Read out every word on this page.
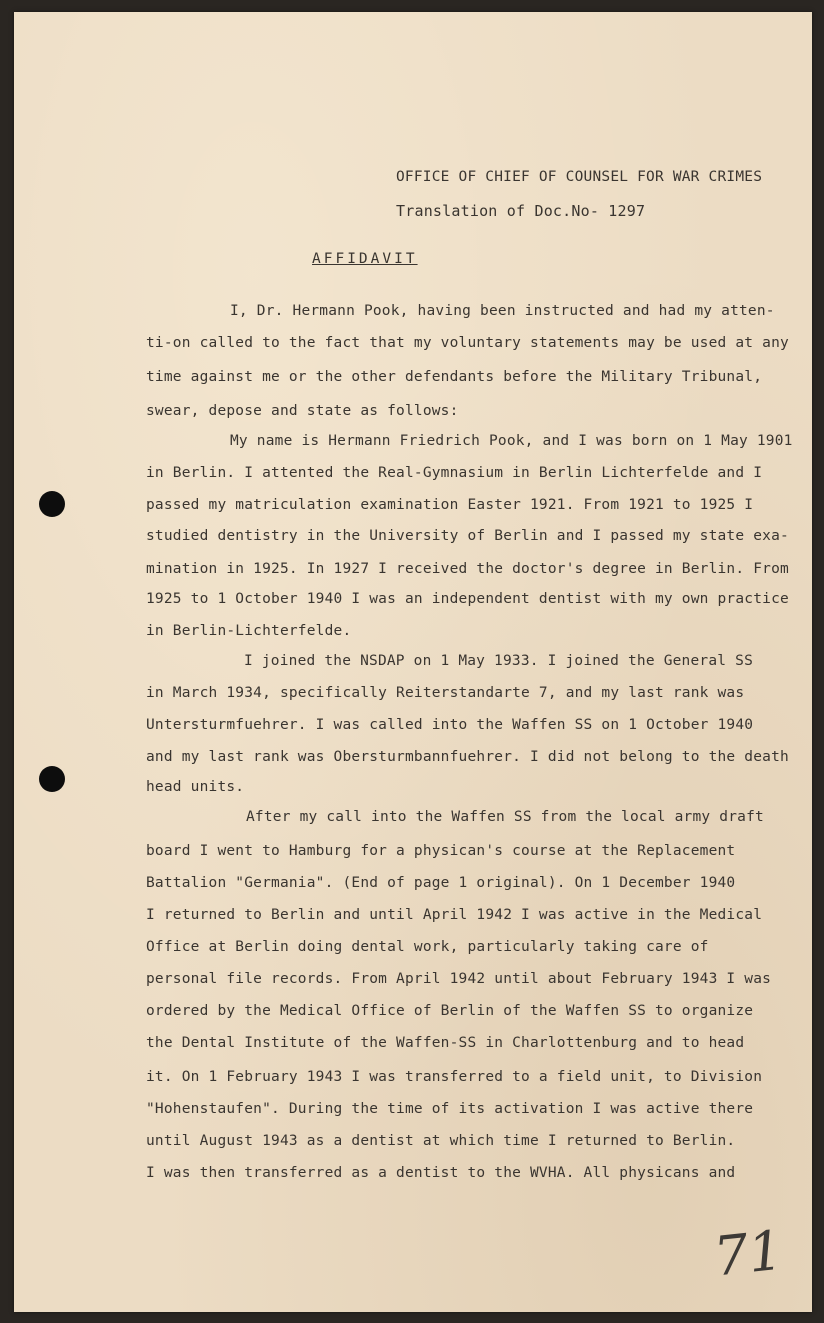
OFFICE OF CHIEF OF COUNSEL FOR WAR CRIMES
Translation of Doc.No- 1297
AFFIDAVIT
I, Dr. Hermann Pook, having been instructed and had my atten-
ti-on called to the fact that my voluntary statements may be used at any
time against me or the other defendants before the Military Tribunal,
swear, depose and state as follows:
My name is Hermann Friedrich Pook, and I was born on 1 May 1901
in Berlin. I attented the Real-Gymnasium in Berlin Lichterfelde and I
passed my matriculation examination Easter 1921. From 1921 to 1925 I
studied dentistry in the University of Berlin and I passed my state exa-
mination in 1925. In 1927 I received the doctor's degree in Berlin. From
1925 to 1 October 1940 I was an independent dentist with my own practice
in Berlin-Lichterfelde.
I joined the NSDAP on 1 May 1933. I joined the General SS
in March 1934, specifically Reiterstandarte 7, and my last rank was
Untersturmfuehrer. I was called into the Waffen SS on 1 October 1940
and my last rank was Obersturmbannfuehrer. I did not belong to the death
head units.
After my call into the Waffen SS from the local army draft
board I went to Hamburg for a physican's course at the Replacement
Battalion "Germania". (End of page 1 original). On 1 December 1940
I returned to Berlin and until April 1942 I was active in the Medical
Office at Berlin doing dental work, particularly taking care of
personal file records. From April 1942 until about February 1943 I was
ordered by the Medical Office of Berlin of the Waffen SS to organize
the Dental Institute of the Waffen-SS in Charlottenburg and to head
it. On 1 February 1943 I was transferred to a field unit, to Division
"Hohenstaufen". During the time of its activation I was active there
until August 1943 as a dentist at which time I returned to Berlin.
I was then transferred as a dentist to the WVHA. All physicans and
71
